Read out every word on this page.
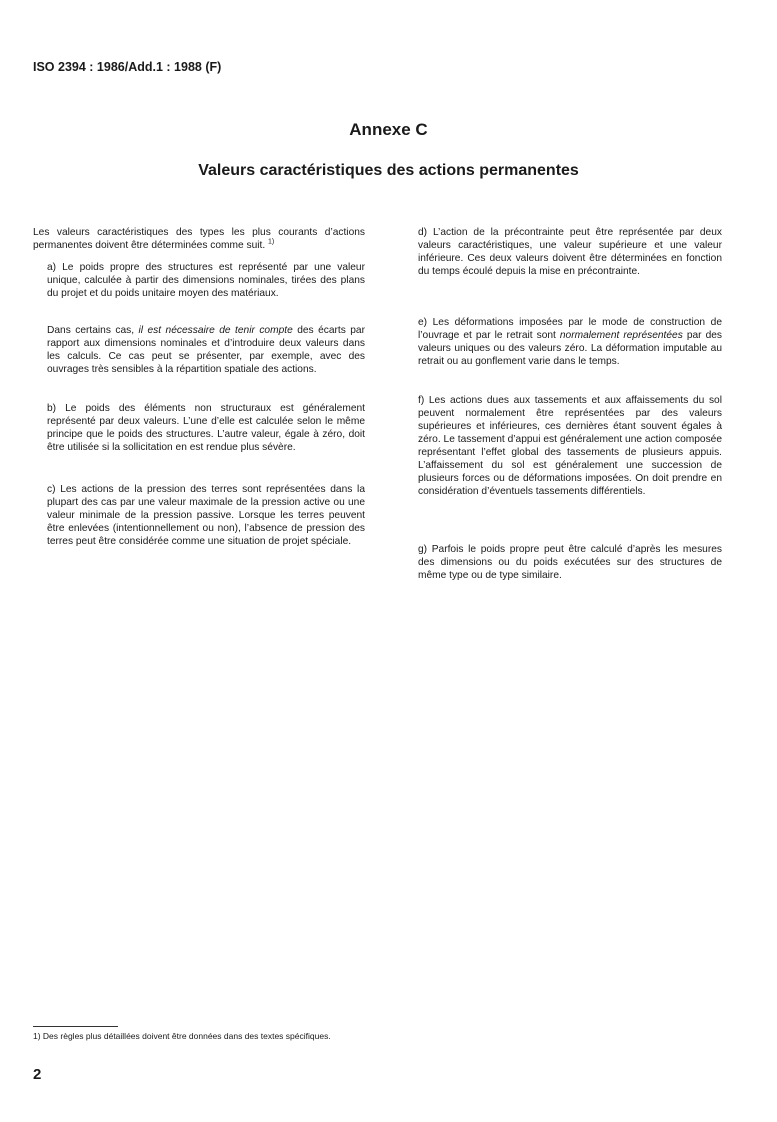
ISO 2394 : 1986/Add.1 : 1988 (F)
Annexe C
Valeurs caractéristiques des actions permanentes
Les valeurs caractéristiques des types les plus courants d’actions permanentes doivent être déterminées comme suit. $^{1)}$
a) Le poids propre des structures est représenté par une valeur unique, calculée à partir des dimensions nominales, tirées des plans du projet et du poids unitaire moyen des matériaux.
Dans certains cas, il est nécessaire de tenir compte des écarts par rapport aux dimensions nominales et d’introduire deux valeurs dans les calculs. Ce cas peut se présenter, par exemple, avec des ouvrages très sensibles à la répartition spatiale des actions.
b) Le poids des éléments non structuraux est généralement représenté par deux valeurs. L’une d’elle est calculée selon le même principe que le poids des structures. L’autre valeur, égale à zéro, doit être utilisée si la sollicitation en est rendue plus sévère.
c) Les actions de la pression des terres sont représentées dans la plupart des cas par une valeur maximale de la pression active ou une valeur minimale de la pression passive. Lorsque les terres peuvent être enlevées (intentionnellement ou non), l’absence de pression des terres peut être considérée comme une situation de projet spéciale.
d) L’action de la précontrainte peut être représentée par deux valeurs caractéristiques, une valeur supérieure et une valeur inférieure. Ces deux valeurs doivent être déterminées en fonction du temps écoulé depuis la mise en précontrainte.
e) Les déformations imposées par le mode de construction de l’ouvrage et par le retrait sont normalement représentées par des valeurs uniques ou des valeurs zéro. La déformation imputable au retrait ou au gonflement varie dans le temps.
f) Les actions dues aux tassements et aux affaissements du sol peuvent normalement être représentées par des valeurs supérieures et inférieures, ces dernières étant souvent égales à zéro. Le tassement d’appui est généralement une action composée représentant l’effet global des tassements de plusieurs appuis. L’affaissement du sol est généralement une succession de plusieurs forces ou de déformations imposées. On doit prendre en considération d’éventuels tassements différentiels.
g) Parfois le poids propre peut être calculé d’après les mesures des dimensions ou du poids exécutées sur des structures de même type ou de type similaire.
1) Des règles plus détaillées doivent être données dans des textes spécifiques.
2
